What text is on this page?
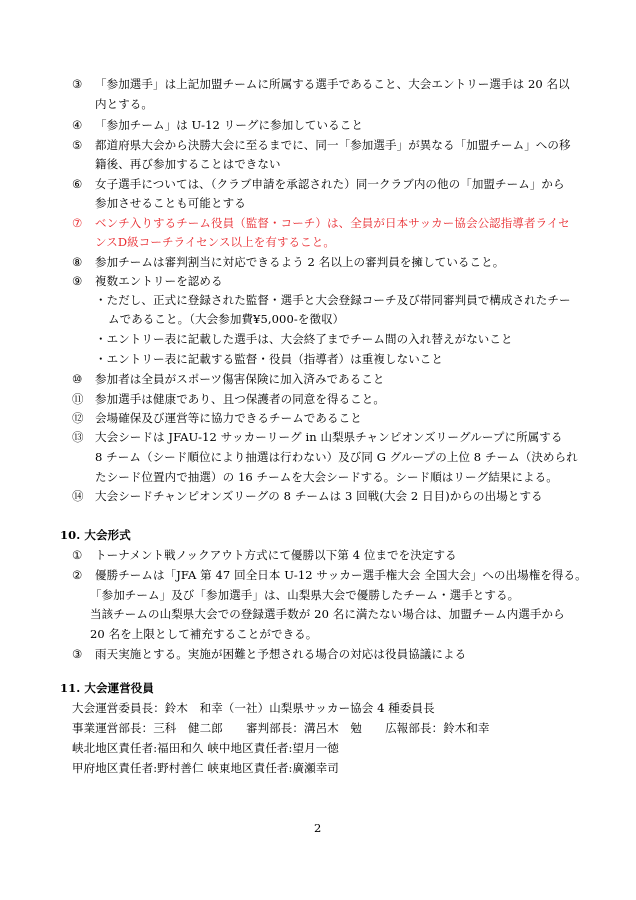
③ 「参加選手」は上記加盟チームに所属する選手であること、大会エントリー選手は 20 名以
内とする。
④ 「参加チーム」は U-12 リーグに参加していること
⑤ 都道府県大会から決勝大会に至るまでに、同一「参加選手」が異なる「加盟チーム」への移
籍後、再び参加することはできない
⑥ 女子選手については、（クラブ申請を承認された）同一クラブ内の他の「加盟チーム」から
参加させることも可能とする
⑦ ベンチ入りするチーム役員（監督・コーチ）は、全員が日本サッカー協会公認指導者ライセ
ンスD級コーチライセンス以上を有すること。
⑧ 参加チームは審判割当に対応できるよう 2 名以上の審判員を擁していること。
⑨ 複数エントリーを認める
・ただし、正式に登録された監督・選手と大会登録コーチ及び帯同審判員で構成されたチー
ムであること。（大会参加費¥5,000-を徴収）
・エントリー表に記載した選手は、大会終了までチーム間の入れ替えがないこと
・エントリー表に記載する監督・役員（指導者）は重複しないこと
⑩ 参加者は全員がスポーツ傷害保険に加入済みであること
⑪ 参加選手は健康であり、且つ保護者の同意を得ること。
⑫ 会場確保及び運営等に協力できるチームであること
⑬ 大会シードは JFAU-12 サッカーリーグ in 山梨県チャンピオンズリーグループに所属する
8 チーム（シード順位により抽選は行わない）及び同 G グループの上位 8 チーム（決められ
たシード位置内で抽選）の 16 チームを大会シードする。シード順はリーグ結果による。
⑭ 大会シードチャンピオンズリーグの 8 チームは 3 回戦(大会 2 日目)からの出場とする
10. 大会形式
① トーナメント戦ノックアウト方式にて優勝以下第 4 位までを決定する
② 優勝チームは「JFA 第 47 回全日本 U-12 サッカー選手権大会 全国大会」への出場権を得る。
「参加チーム」及び「参加選手」は、山梨県大会で優勝したチーム・選手とする。
当該チームの山梨県大会での登録選手数が 20 名に満たない場合は、加盟チーム内選手から
20 名を上限として補充することができる。
③ 雨天実施とする。実施が困難と予想される場合の対応は役員協議による
11. 大会運営役員
大会運営委員長：鈴木　和幸（一社）山梨県サッカー協会 4 種委員長
事業運営部長：三科　健二郎　　審判部長：溝呂木　勉　　広報部長：鈴木和幸
峡北地区責任者:福田和久 峡中地区責任者:望月一徳
甲府地区責任者:野村善仁 峡東地区責任者:廣瀬幸司
2
